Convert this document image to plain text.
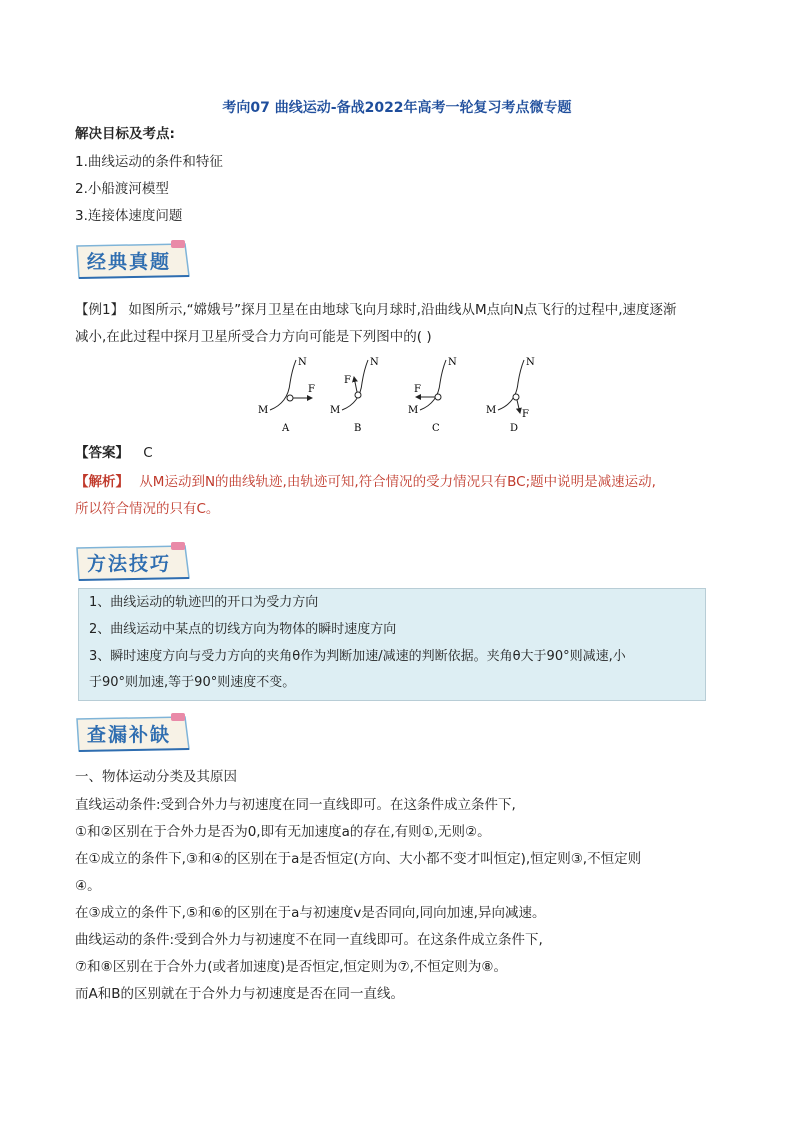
考向07 曲线运动-备战2022年高考一轮复习考点微专题
解决目标及考点:
1.曲线运动的条件和特征
2.小船渡河模型
3.连接体速度问题
经典真题
【例1】 如图所示,“嫦娥号”探月卫星在由地球飞向月球时,沿曲线从M点向N点飞行的过程中,速度逐渐
减小,在此过程中探月卫星所受合力方向可能是下列图中的( )
M
N
F
A
M
N
F
B
M
N
F
C
M
N
F
D
【答案】 C
【解析】 从M运动到N的曲线轨迹,由轨迹可知,符合情况的受力情况只有BC;题中说明是减速运动,
所以符合情况的只有C。
方法技巧
1、曲线运动的轨迹凹的开口为受力方向
2、曲线运动中某点的切线方向为物体的瞬时速度方向
3、瞬时速度方向与受力方向的夹角θ作为判断加速/减速的判断依据。夹角θ大于90°则减速,小
于90°则加速,等于90°则速度不变。
查漏补缺
一、物体运动分类及其原因
直线运动条件:受到合外力与初速度在同一直线即可。在这条件成立条件下,
①和②区别在于合外力是否为0,即有无加速度a的存在,有则①,无则②。
在①成立的条件下,③和④的区别在于a是否恒定(方向、大小都不变才叫恒定),恒定则③,不恒定则
④。
在③成立的条件下,⑤和⑥的区别在于a与初速度v是否同向,同向加速,异向减速。
曲线运动的条件:受到合外力与初速度不在同一直线即可。在这条件成立条件下,
⑦和⑧区别在于合外力(或者加速度)是否恒定,恒定则为⑦,不恒定则为⑧。
而A和B的区别就在于合外力与初速度是否在同一直线。
